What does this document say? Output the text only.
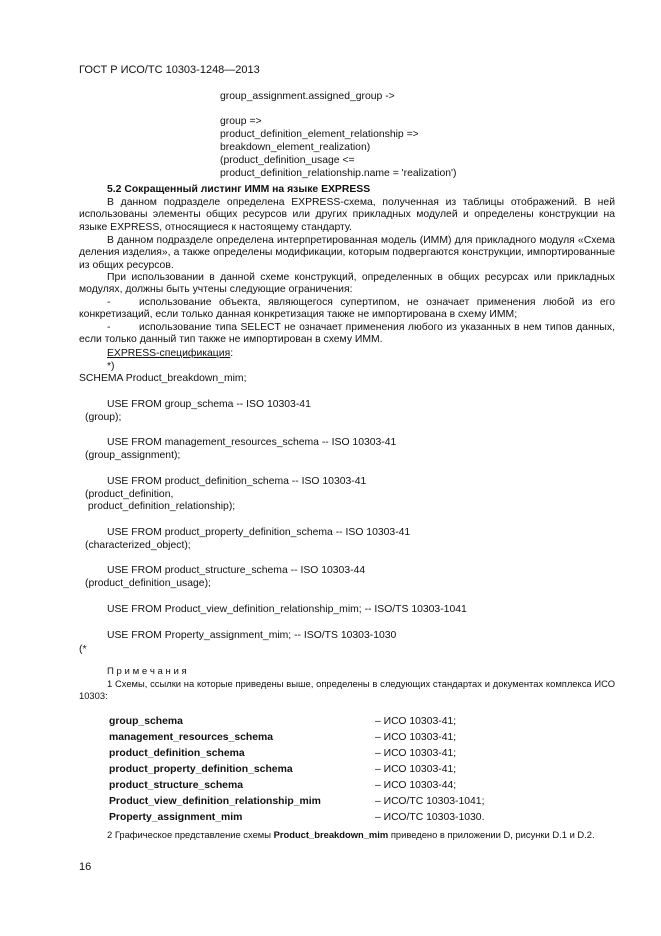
ГОСТ Р ИСО/ТС 10303-1248—2013
group_assignment.assigned_group ->
group =>
product_definition_element_relationship =>
breakdown_element_realization)
(product_definition_usage <=
product_definition_relationship.name = 'realization')
5.2 Сокращенный листинг ИММ на языке EXPRESS
В данном подразделе определена EXPRESS-схема, полученная из таблицы отображений. В ней использованы элементы общих ресурсов или других прикладных модулей и определены конструкции на языке EXPRESS, относящиеся к настоящему стандарту.
В данном подразделе определена интерпретированная модель (ИММ) для прикладного модуля «Схема деления изделия», а также определены модификации, которым подвергаются конструкции, импортированные из общих ресурсов.
При использовании в данной схеме конструкций, определенных в общих ресурсах или прикладных модулях, должны быть учтены следующие ограничения:
-	использование объекта, являющегося супертипом, не означает применения любой из его конкретизаций, если только данная конкретизация также не импортирована в схему ИММ;
-	использование типа SELECT не означает применения любого из указанных в нем типов данных, если только данный тип также не импортирован в схему ИММ.
EXPRESS-спецификация:
*)
SCHEMA Product_breakdown_mim;
USE FROM group_schema -- ISO 10303-41
(group);
USE FROM management_resources_schema -- ISO 10303-41
(group_assignment);
USE FROM product_definition_schema -- ISO 10303-41
(product_definition,
product_definition_relationship);
USE FROM product_property_definition_schema -- ISO 10303-41
(characterized_object);
USE FROM product_structure_schema -- ISO 10303-44
(product_definition_usage);
USE FROM Product_view_definition_relationship_mim; -- ISO/TS 10303-1041
USE FROM Property_assignment_mim; -- ISO/TS 10303-1030
(*
П р и м е ч а н и я
1 Схемы, ссылки на которые приведены выше, определены в следующих стандартах и документах комплекса ИСО 10303:
group_schema	– ИСО 10303-41;
management_resources_schema	– ИСО 10303-41;
product_definition_schema	– ИСО 10303-41;
product_property_definition_schema	– ИСО 10303-41;
product_structure_schema	– ИСО 10303-44;
Product_view_definition_relationship_mim	– ИСО/ТС 10303-1041;
Property_assignment_mim	– ИСО/ТС 10303-1030.
2 Графическое представление схемы Product_breakdown_mim приведено в приложении D, рисунки D.1 и D.2.
16
